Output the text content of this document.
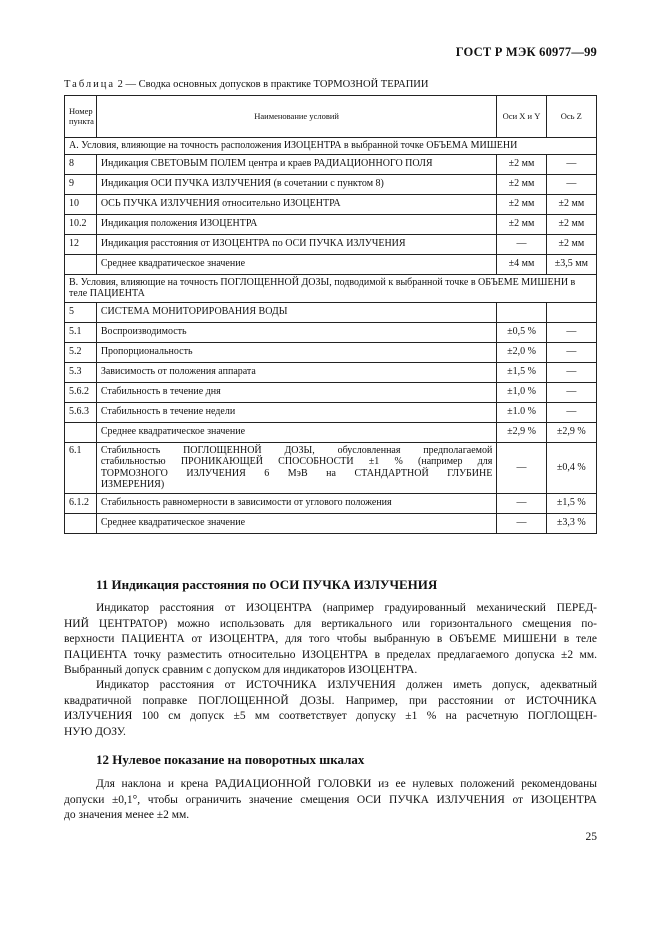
ГОСТ Р МЭК 60977—99
Таблица 2 — Сводка основных допусков в практике ТОРМОЗНОЙ ТЕРАПИИ
Номер пункта	Наименование условий	Оси X и Y	Ось Z
А. Условия, влияющие на точность расположения ИЗОЦЕНТРА в выбранной точке ОБЪЕМА МИШЕНИ			
8	Индикация СВЕТОВЫМ ПОЛЕМ центра и краев РАДИАЦИОННОГО ПОЛЯ	±2 мм	—
9	Индикация ОСИ ПУЧКА ИЗЛУЧЕНИЯ (в сочетании с пунктом 8)	±2 мм	—
10	ОСЬ ПУЧКА ИЗЛУЧЕНИЯ относительно ИЗОЦЕНТРА	±2 мм	±2 мм
10.2	Индикация положения ИЗОЦЕНТРА	±2 мм	±2 мм
12	Индикация расстояния от ИЗОЦЕНТРА по ОСИ ПУЧКА ИЗЛУЧЕНИЯ	—	±2 мм
	Среднее квадратическое значение	±4 мм	±3,5 мм
В. Условия, влияющие на точность ПОГЛОЩЕННОЙ ДОЗЫ, подводимой к выбранной точке в ОБЪЕМЕ МИШЕНИ в теле ПАЦИЕНТА			
5	СИСТЕМА МОНИТОРИРОВАНИЯ ВОДЫ		
5.1	Воспроизводимость	±0,5 %	—
5.2	Пропорциональность	±2,0 %	—
5.3	Зависимость от положения аппарата	±1,5 %	—
5.6.2	Стабильность в течение дня	±1,0 %	—
5.6.3	Стабильность в течение недели	±1.0 %	—
	Среднее квадратическое значение	±2,9 %	±2,9 %
6.1	Стабильность ПОГЛОЩЕННОЙ ДОЗЫ, обусловленная предполагаемой
стабильностью ПРОНИКАЮЩЕЙ СПОСОБНОСТИ ±1 % (например для
ТОРМОЗНОГО ИЗЛУЧЕНИЯ 6 МэВ на СТАНДАРТНОЙ ГЛУБИНЕ
ИЗМЕРЕНИЯ)	—	±0,4 %
6.1.2	Стабильность равномерности в зависимости от углового положения	—	±1,5 %
	Среднее квадратическое значение	—	±3,3 %
11 Индикация расстояния по ОСИ ПУЧКА ИЗЛУЧЕНИЯ
Индикатор расстояния от ИЗОЦЕНТРА (например градуированный механический ПЕРЕД-
НИЙ ЦЕНТРАТОР) можно использовать для вертикального или горизонтального смещения по-
верхности ПАЦИЕНТА от ИЗОЦЕНТРА, для того чтобы выбранную в ОБЪЕМЕ МИШЕНИ в теле
ПАЦИЕНТА точку разместить относительно ИЗОЦЕНТРА в пределах предлагаемого допуска ±2 мм.
Выбранный допуск сравним с допуском для индикаторов ИЗОЦЕНТРА.
Индикатор расстояния от ИСТОЧНИКА ИЗЛУЧЕНИЯ должен иметь допуск, адекватный
квадратичной поправке ПОГЛОЩЕННОЙ ДОЗЫ. Например, при расстоянии от ИСТОЧНИКА
ИЗЛУЧЕНИЯ 100 см допуск ±5 мм соответствует допуску ±1 % на расчетную ПОГЛОЩЕН-
НУЮ ДОЗУ.
12 Нулевое показание на поворотных шкалах
Для наклона и крена РАДИАЦИОННОЙ ГОЛОВКИ из ее нулевых положений рекомендованы
допуски ±0,1°, чтобы ограничить значение смещения ОСИ ПУЧКА ИЗЛУЧЕНИЯ от ИЗОЦЕНТРА
до значения менее ±2 мм.
25
